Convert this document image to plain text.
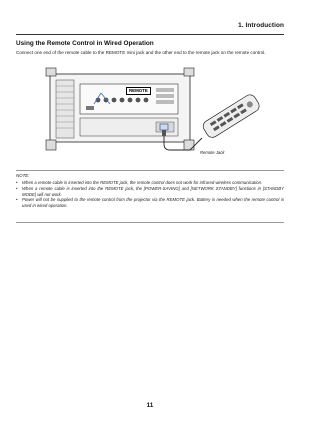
1. Introduction
Using the Remote Control in Wired Operation
Connect one end of the remote cable to the REMOTE mini jack and the other end to the remote jack on the remote control.
REMOTE
Remote Jack
NOTE:
• When a remote cable is inserted into the REMOTE jack, the remote control does not work for infrared wireless communication.
• When a remote cable is inserted into the REMOTE jack, the [POWER-SAVING] and [NETWORK STANDBY] functions in [STANDBY MODE] will not work.
• Power will not be supplied to the remote control from the projector via the REMOTE jack. Battery is needed when the remote control is used in wired operation.
11
